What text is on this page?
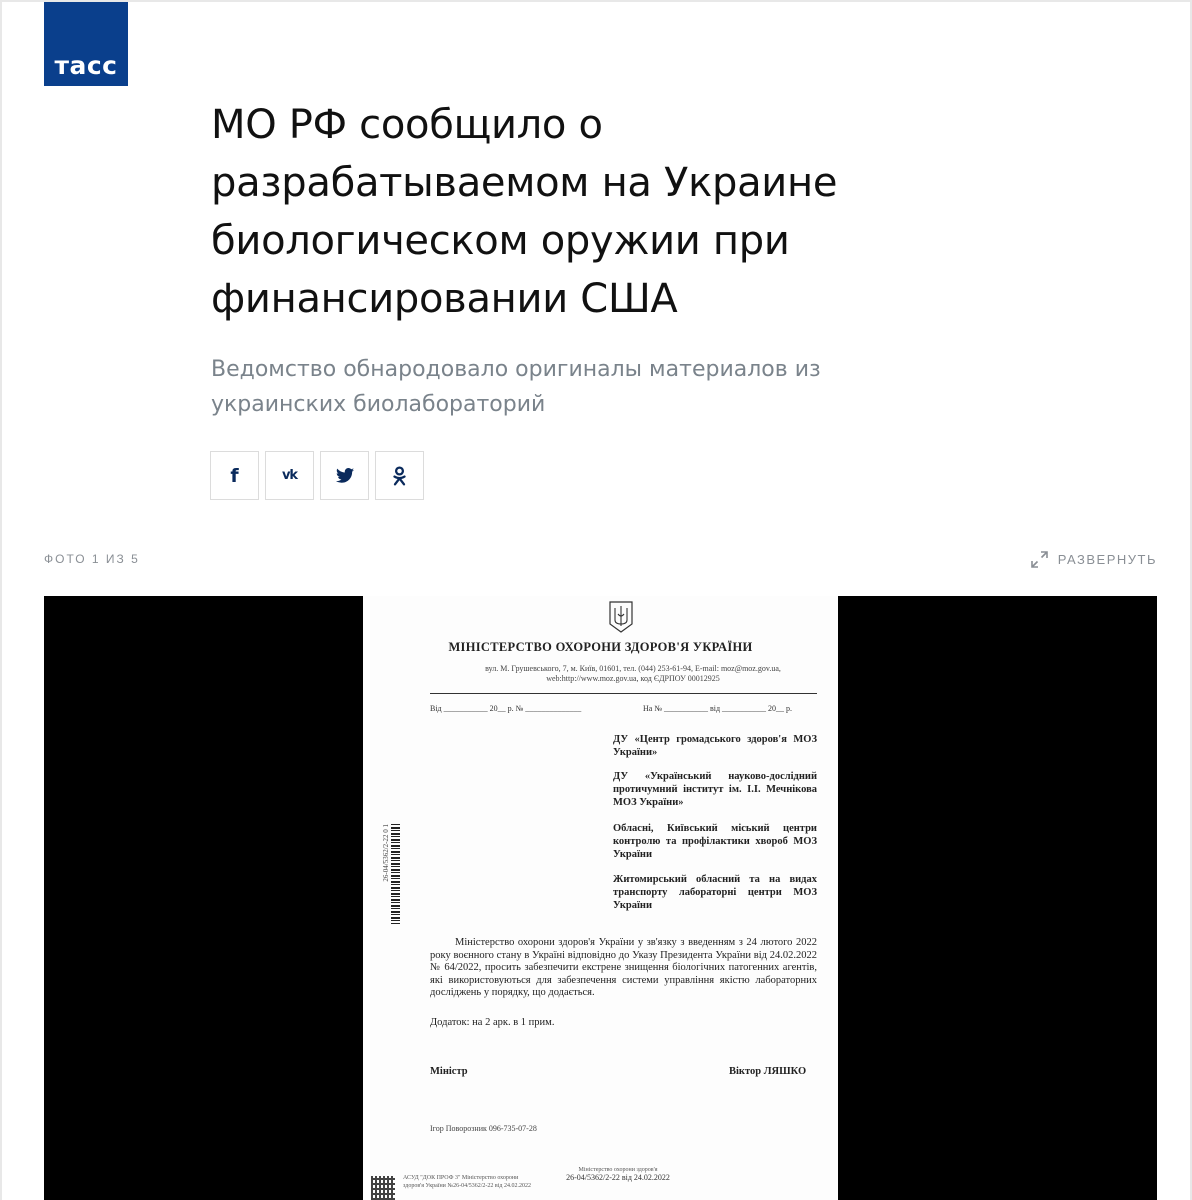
тасс
МО РФ сообщило о разрабатываемом на Украине биологическом оружии при финансировании США

Ведомство обнародовало оригиналы материалов из украинских биолабораторий

f	vk
ФОТО 1 ИЗ 5	РАЗВЕРНУТЬ
МІНІСТЕРСТВО ОХОРОНИ ЗДОРОВ'Я УКРАЇНИ
вул. М. Грушевського, 7, м. Київ, 01601, тел. (044) 253-61-94, E-mail: moz@moz.gov.ua,
web:http://www.moz.gov.ua, код ЄДРПОУ 00012925
Від ___________ 20__ р. № ______________	На № ___________ від ___________ 20__ р.
ДУ «Центр громадського здоров'я МОЗ України»
ДУ «Український науково-дослідний протичумний інститут ім. І.І. Мечнікова МОЗ України»
Обласні, Київський міський центри контролю та профілактики хвороб МОЗ України
Житомирський обласний та на видах транспорту лабораторні центри МОЗ України
26-04/5362/2-22 0 1

Міністерство охорони здоров'я України у зв'язку з введенням з 24 лютого 2022 року воєнного стану в Україні відповідно до Указу Президента України від 24.02.2022 № 64/2022, просить забезпечити екстрене знищення біологічних патогенних агентів, які використовуються для забезпечення системи управління якістю лабораторних досліджень у порядку, що додається.

Додаток: на 2 арк. в 1 прим.
Міністр	Віктор ЛЯШКО
Ігор Поворозник 096-735-07-28
АСУД "ДОК ПРОФ 3" Міністерство охорони здоров'я України №26-04/5362/2-22 від 24.02.2022
Міністерство охорони здоров'я
26-04/5362/2-22 від 24.02.2022
